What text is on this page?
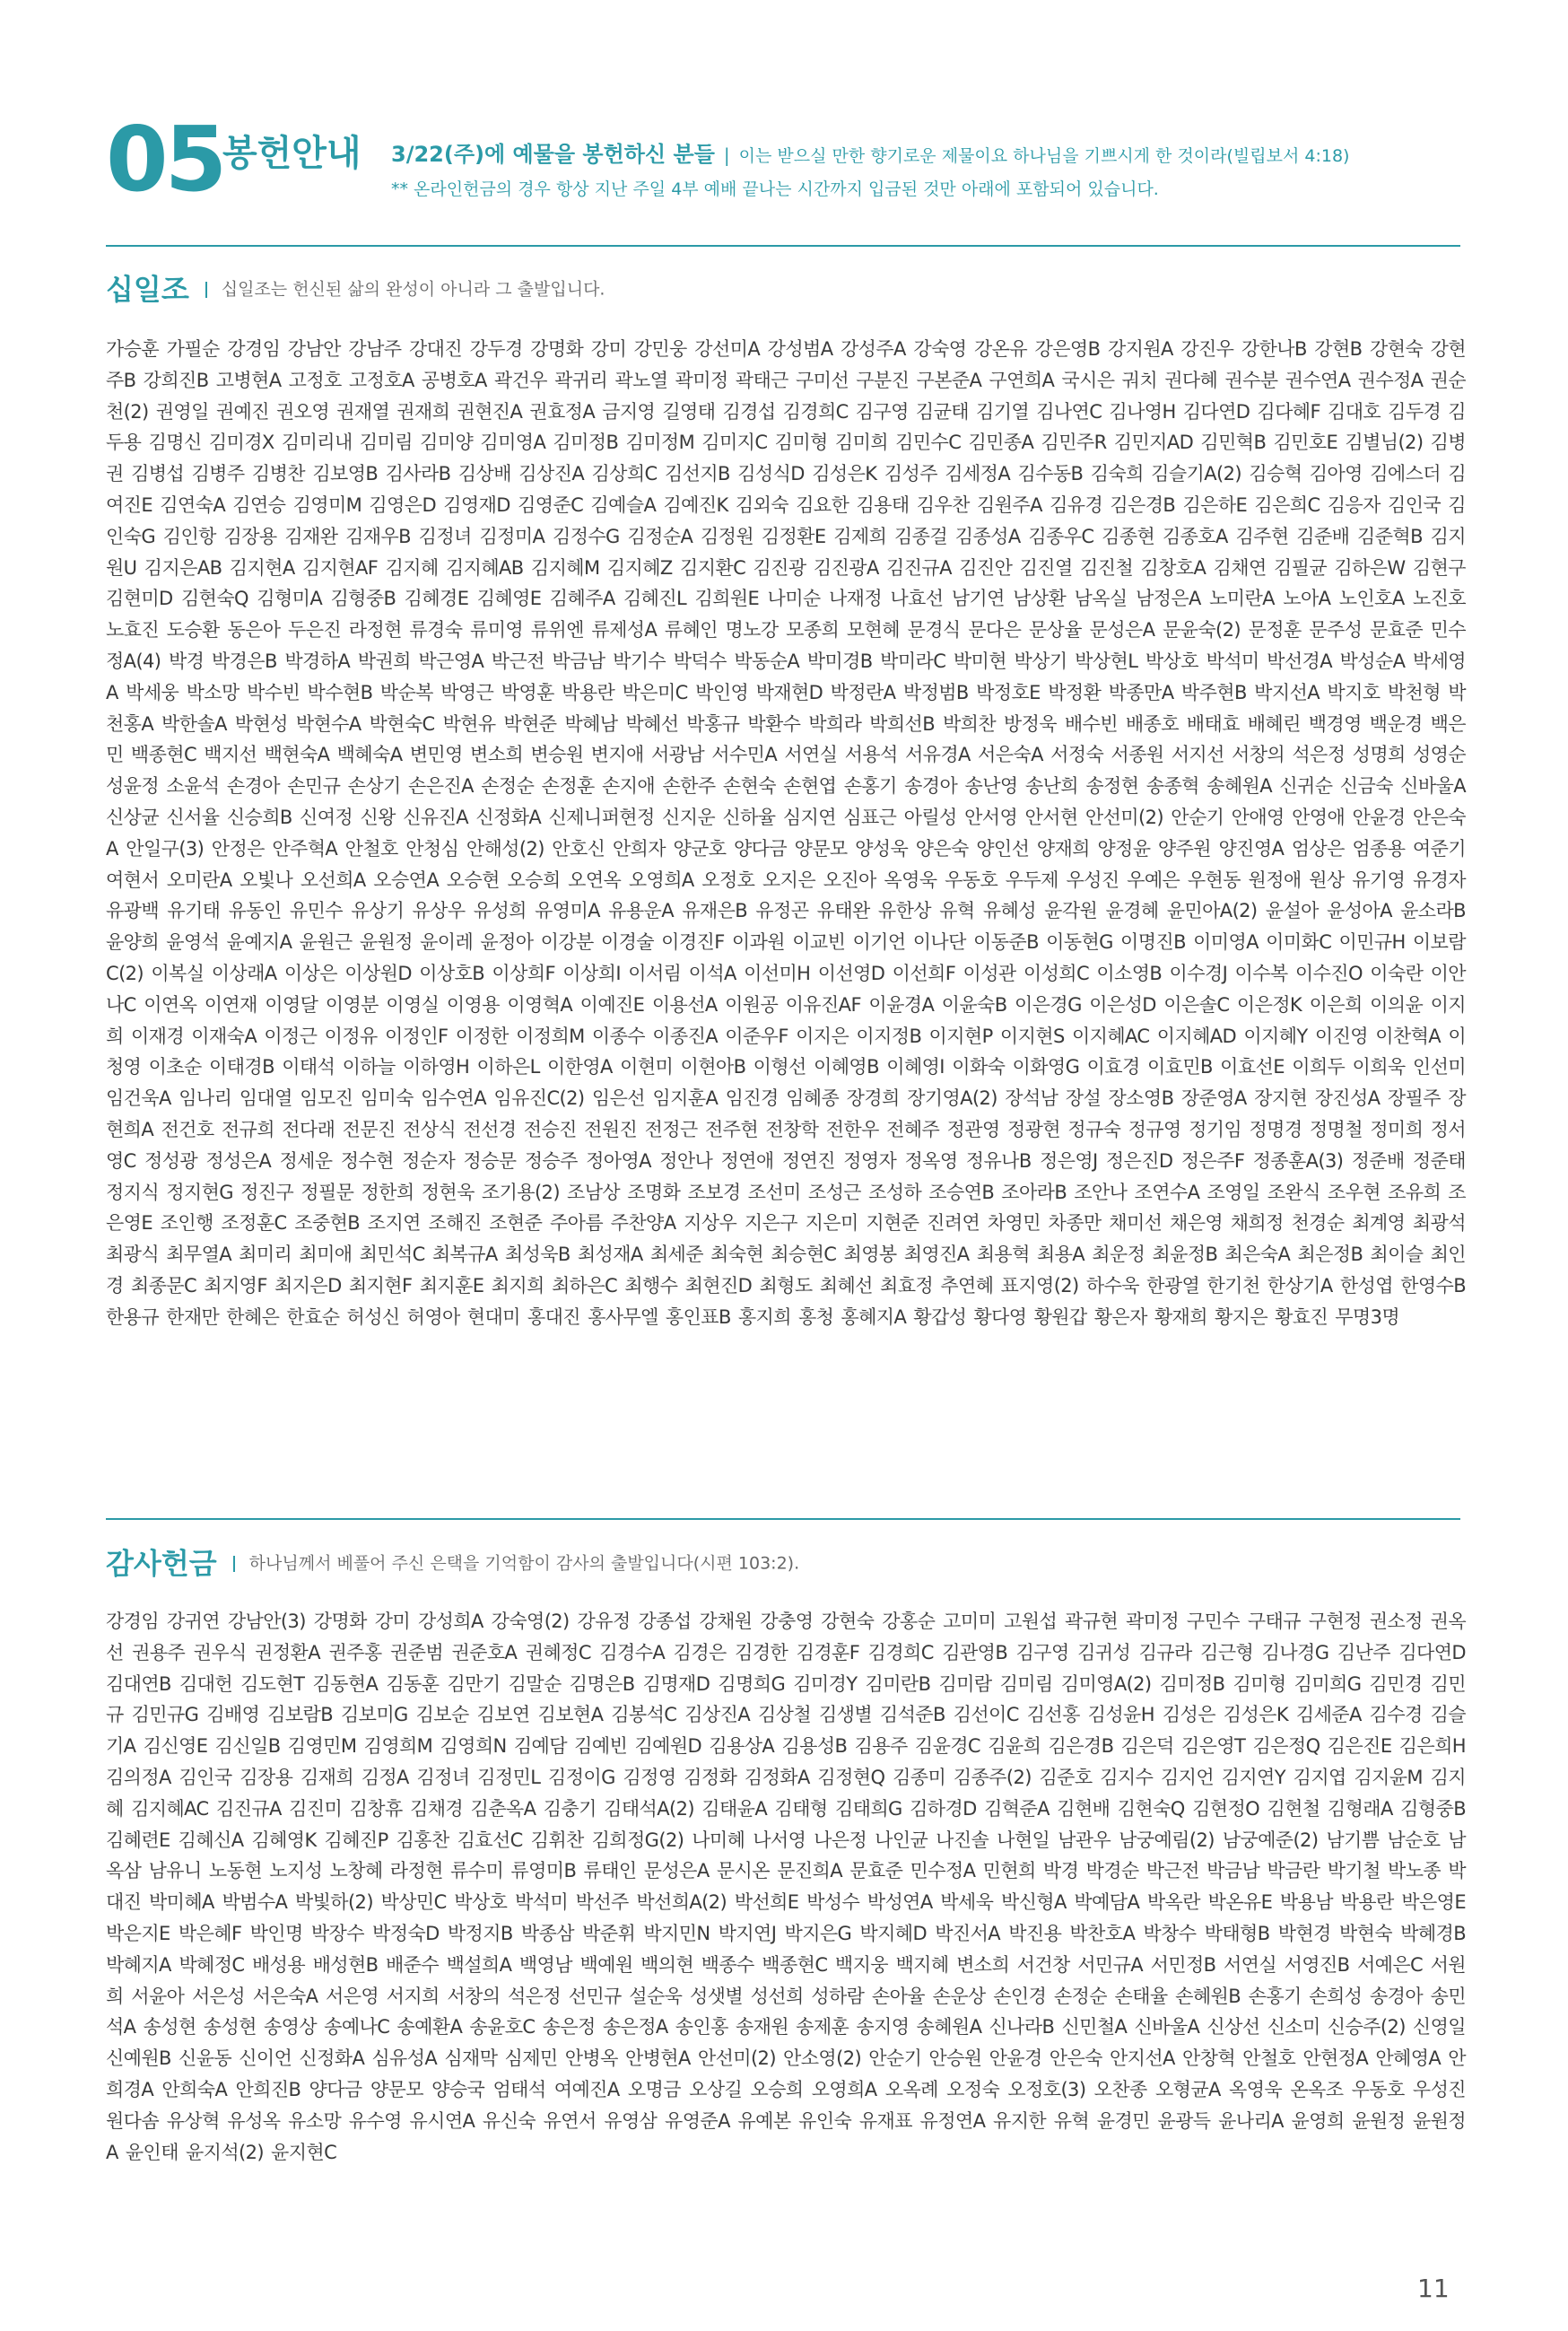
05
봉헌안내 3/22(주)에 예물을 봉헌하신 분들 | 이는 받으실 만한 향기로운 제물이요 하나님을 기쁘시게 한 것이라(빌립보서 4:18)
** 온라인헌금의 경우 항상 지난 주일 4부 예배 끝나는 시간까지 입금된 것만 아래에 포함되어 있습니다.
십일조 십일조는 헌신된 삶의 완성이 아니라 그 출발입니다.
가승훈 가필순 강경임 강남안 강남주 강대진 강두경 강명화 강미 강민웅 강선미A 강성범A 강성주A 강숙영 강온유 강은영B 강지원A 강진우 강한나B 강현B 강현숙 강현주B 강희진B 고병현A 고정호 고정호A 공병호A 곽건우 곽귀리 곽노열 곽미정 곽태근 구미선 구분진 구본준A 구연희A 국시은 궈치 권다혜 권수분 권수연A 권수정A 권순천(2) 권영일 권예진 권오영 권재열 권재희 권현진A 권효정A 금지영 길영태 김경섭 김경희C 김구영 김균태 김기열 김나연C 김나영H 김다연D 김다혜F 김대호 김두경 김두용 김명신 김미경X 김미리내 김미림 김미양 김미영A 김미정B 김미정M 김미지C 김미형 김미희 김민수C 김민종A 김민주R 김민지AD 김민혁B 김민호E 김별님(2) 김병권 김병섭 김병주 김병찬 김보영B 김사라B 김상배 김상진A 김상희C 김선지B 김성식D 김성은K 김성주 김세정A 김수동B 김숙희 김슬기A(2) 김승혁 김아영 김에스더 김여진E 김연숙A 김연승 김영미M 김영은D 김영재D 김영준C 김예슬A 김예진K 김외숙 김요한 김용태 김우찬 김원주A 김유경 김은경B 김은하E 김은희C 김응자 김인국 김인숙G 김인항 김장용 김재완 김재우B 김정녀 김정미A 김정수G 김정순A 김정원 김정환E 김제희 김종걸 김종성A 김종우C 김종현 김종호A 김주현 김준배 김준혁B 김지원U 김지은AB 김지현A 김지현AF 김지혜 김지혜AB 김지혜M 김지혜Z 김지환C 김진광 김진광A 김진규A 김진안 김진열 김진철 김창호A 김채연 김필균 김하은W 김현구 김현미D 김현숙Q 김형미A 김형중B 김혜경E 김혜영E 김혜주A 김혜진L 김희원E 나미순 나재정 나효선 남기연 남상환 남옥실 남정은A 노미란A 노아A 노인호A 노진호 노효진 도승환 동은아 두은진 라정현 류경숙 류미영 류위엔 류제성A 류혜인 명노강 모종희 모현혜 문경식 문다은 문상율 문성은A 문윤숙(2) 문정훈 문주성 문효준 민수정A(4) 박경 박경은B 박경하A 박권희 박근영A 박근전 박금남 박기수 박덕수 박동순A 박미경B 박미라C 박미현 박상기 박상현L 박상호 박석미 박선경A 박성순A 박세영A 박세웅 박소망 박수빈 박수현B 박순복 박영근 박영훈 박용란 박은미C 박인영 박재현D 박정란A 박정범B 박정호E 박정환 박종만A 박주현B 박지선A 박지호 박천형 박천홍A 박한솔A 박현성 박현수A 박현숙C 박현유 박현준 박혜남 박혜선 박홍규 박환수 박희라 박희선B 박희찬 방정욱 배수빈 배종호 배태효 배혜린 백경영 백운경 백은민 백종현C 백지선 백현숙A 백혜숙A 변민영 변소희 변승원 변지애 서광남 서수민A 서연실 서용석 서유경A 서은숙A 서정숙 서종원 서지선 서창의 석은정 성명희 성영순 성윤정 소윤석 손경아 손민규 손상기 손은진A 손정순 손정훈 손지애 손한주 손현숙 손현엽 손홍기 송경아 송난영 송난희 송정현 송종혁 송혜원A 신귀순 신금숙 신바울A 신상균 신서율 신승희B 신여정 신왕 신유진A 신정화A 신제니퍼현정 신지운 신하율 심지연 심표근 아릴성 안서영 안서현 안선미(2) 안순기 안애영 안영애 안윤경 안은숙A 안일구(3) 안정은 안주혁A 안철호 안청심 안해성(2) 안호신 안희자 양군호 양다금 양문모 양성욱 양은숙 양인선 양재희 양정윤 양주원 양진영A 엄상은 엄종용 여준기 여현서 오미란A 오빛나 오선희A 오승연A 오승현 오승희 오연옥 오영희A 오정호 오지은 오진아 옥영욱 우동호 우두제 우성진 우예은 우현동 원정애 원상 유기영 유경자 유광백 유기태 유동인 유민수 유상기 유상우 유성희 유영미A 유용운A 유재은B 유정곤 유태완 유한상 유혁 유혜성 윤각원 윤경혜 윤민아A(2) 윤설아 윤성아A 윤소라B 윤양희 윤영석 윤예지A 윤원근 윤원정 윤이레 윤정아 이강분 이경술 이경진F 이과원 이교빈 이기언 이나단 이동준B 이동현G 이명진B 이미영A 이미화C 이민규H 이보람C(2) 이복실 이상래A 이상은 이상원D 이상호B 이상희F 이상희I 이서림 이석A 이선미H 이선영D 이선희F 이성관 이성희C 이소영B 이수경J 이수복 이수진O 이숙란 이안나C 이연옥 이연재 이영달 이영분 이영실 이영용 이영혁A 이예진E 이용선A 이원공 이유진AF 이윤경A 이윤숙B 이은경G 이은성D 이은솔C 이은정K 이은희 이의윤 이지희 이재경 이재숙A 이정근 이정유 이정인F 이정한 이정희M 이종수 이종진A 이준우F 이지은 이지정B 이지현P 이지현S 이지혜AC 이지혜AD 이지혜Y 이진영 이찬혁A 이청영 이초순 이태경B 이태석 이하늘 이하영H 이하은L 이한영A 이현미 이현아B 이형선 이혜영B 이혜영I 이화숙 이화영G 이효경 이효민B 이효선E 이희두 이희욱 인선미 임건욱A 임나리 임대열 임모진 임미숙 임수연A 임유진C(2) 임은선 임지훈A 임진경 임혜종 장경희 장기영A(2) 장석남 장설 장소영B 장준영A 장지현 장진성A 장필주 장현희A 전건호 전규희 전다래 전문진 전상식 전선경 전승진 전원진 전정근 전주현 전창학 전한우 전혜주 정관영 정광현 정규숙 정규영 정기임 정명경 정명철 정미희 정서영C 정성광 정성은A 정세운 정수현 정순자 정승문 정승주 정아영A 정안나 정연애 정연진 정영자 정옥영 정유나B 정은영J 정은진D 정은주F 정종훈A(3) 정준배 정준태 정지식 정지현G 정진구 정필문 정한희 정현욱 조기용(2) 조남상 조명화 조보경 조선미 조성근 조성하 조승연B 조아라B 조안나 조연수A 조영일 조완식 조우현 조유희 조은영E 조인행 조정훈C 조중현B 조지연 조해진 조현준 주아름 주찬양A 지상우 지은구 지은미 지현준 진려연 차영민 차종만 채미선 채은영 채희정 천경순 최계영 최광석 최광식 최무열A 최미리 최미애 최민석C 최복규A 최성욱B 최성재A 최세준 최숙현 최승현C 최영봉 최영진A 최용혁 최용A 최운정 최윤정B 최은숙A 최은정B 최이슬 최인경 최종문C 최지영F 최지은D 최지현F 최지훈E 최지희 최하은C 최행수 최현진D 최형도 최혜선 최효정 추연혜 표지영(2) 하수욱 한광열 한기천 한상기A 한성엽 한영수B 한용규 한재만 한혜은 한효순 허성신 허영아 현대미 홍대진 홍사무엘 홍인표B 홍지희 홍청 홍혜지A 황갑성 황다영 황원갑 황은자 황재희 황지은 황효진 무명3명
감사헌금 하나님께서 베풀어 주신 은택을 기억함이 감사의 출발입니다(시편 103:2).
강경임 강귀연 강남안(3) 강명화 강미 강성희A 강숙영(2) 강유정 강종섭 강채원 강충영 강현숙 강홍순 고미미 고원섭 곽규현 곽미정 구민수 구태규 구현정 권소정 권옥선 권용주 권우식 권정환A 권주홍 권준범 권준호A 권혜정C 김경수A 김경은 김경한 김경훈F 김경희C 김관영B 김구영 김귀성 김규라 김근형 김나경G 김난주 김다연D 김대연B 김대헌 김도현T 김동현A 김동훈 김만기 김말순 김명은B 김명재D 김명희G 김미경Y 김미란B 김미람 김미림 김미영A(2) 김미정B 김미형 김미희G 김민경 김민규 김민규G 김배영 김보람B 김보미G 김보순 김보연 김보현A 김봉석C 김상진A 김상철 김생별 김석준B 김선이C 김선홍 김성윤H 김성은 김성은K 김세준A 김수경 김슬기A 김신영E 김신일B 김영민M 김영희M 김영희N 김예담 김예빈 김예원D 김용상A 김용성B 김용주 김윤경C 김윤희 김은경B 김은덕 김은영T 김은정Q 김은진E 김은희H 김의정A 김인국 김장용 김재희 김정A 김정녀 김정민L 김정이G 김정영 김정화 김정화A 김정현Q 김종미 김종주(2) 김준호 김지수 김지언 김지연Y 김지엽 김지윤M 김지혜 김지혜AC 김진규A 김진미 김창휴 김채경 김춘옥A 김충기 김태석A(2) 김태윤A 김태형 김태희G 김하경D 김혁준A 김현배 김현숙Q 김현정O 김현철 김형래A 김형중B 김혜련E 김혜신A 김혜영K 김혜진P 김홍찬 김효선C 김휘찬 김희정G(2) 나미혜 나서영 나은정 나인균 나진솔 나현일 남관우 남궁예림(2) 남궁예준(2) 남기쁨 남순호 남옥삼 남유니 노동현 노지성 노창혜 라정현 류수미 류영미B 류태인 문성은A 문시온 문진희A 문효준 민수정A 민현희 박경 박경순 박근전 박금남 박금란 박기철 박노종 박대진 박미혜A 박범수A 박빛하(2) 박상민C 박상호 박석미 박선주 박선희A(2) 박선희E 박성수 박성연A 박세욱 박신형A 박예담A 박옥란 박온유E 박용남 박용란 박은영E 박은지E 박은혜F 박인명 박장수 박정숙D 박정지B 박종삼 박준휘 박지민N 박지연J 박지은G 박지혜D 박진서A 박진용 박찬호A 박창수 박태형B 박현경 박현숙 박혜경B 박혜지A 박혜정C 배성용 배성현B 배준수 백설희A 백영남 백예원 백의현 백종수 백종현C 백지웅 백지혜 변소희 서건창 서민규A 서민정B 서연실 서영진B 서예은C 서원희 서윤아 서은성 서은숙A 서은영 서지희 서창의 석은정 선민규 설순욱 성샛별 성선희 성하람 손아율 손운상 손인경 손정순 손태율 손혜원B 손홍기 손희성 송경아 송민석A 송성현 송성현 송영상 송예나C 송예환A 송윤호C 송은정 송은정A 송인홍 송재원 송제훈 송지영 송혜원A 신나라B 신민철A 신바울A 신상선 신소미 신승주(2) 신영일 신예원B 신윤동 신이언 신정화A 심유성A 심재막 심제민 안병옥 안병현A 안선미(2) 안소영(2) 안순기 안승원 안윤경 안은숙 안지선A 안창혁 안철호 안현정A 안혜영A 안희경A 안희숙A 안희진B 양다금 양문모 양승국 엄태석 여예진A 오명금 오상길 오승희 오영희A 오옥례 오정숙 오정호(3) 오찬종 오형균A 옥영욱 온옥조 우동호 우성진 원다솜 유상혁 유성옥 유소망 유수영 유시연A 유신숙 유연서 유영삼 유영준A 유예본 유인숙 유재표 유정연A 유지한 유혁 윤경민 윤광득 윤나리A 윤영희 윤원정 윤원정A 윤인태 윤지석(2) 윤지현C
11
